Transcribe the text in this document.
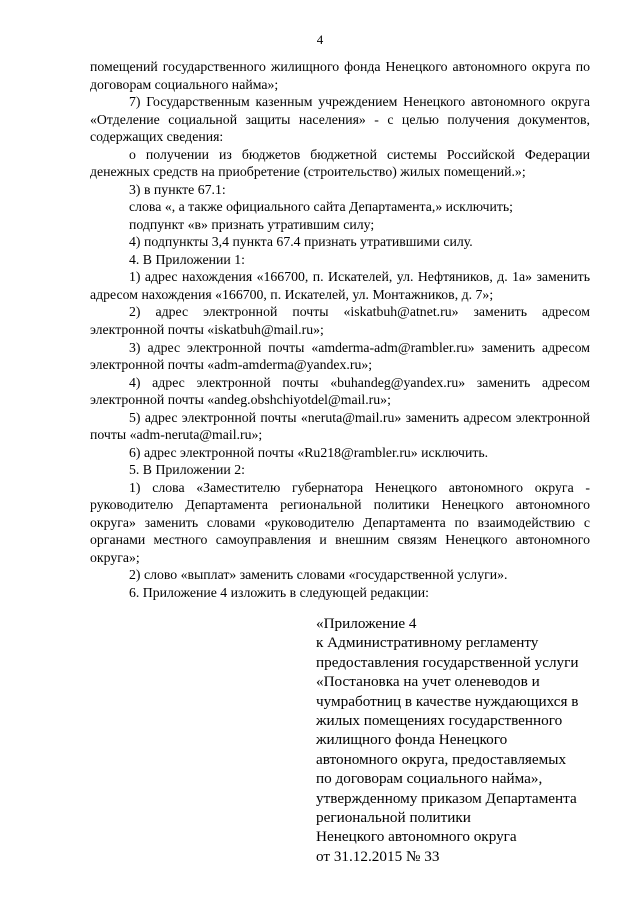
4

помещений государственного жилищного фонда Ненецкого автономного округа по договорам социального найма»;

7) Государственным казенным учреждением Ненецкого автономного округа «Отделение социальной защиты населения» - с целью получения документов, содержащих сведения:

о получении из бюджетов бюджетной системы Российской Федерации денежных средств на приобретение (строительство) жилых помещений.»;

3) в пункте 67.1:

слова «, а также официального сайта Департамента,» исключить;

подпункт «в» признать утратившим силу;

4) подпункты 3,4 пункта 67.4 признать утратившими силу.

4. В Приложении 1:

1) адрес нахождения «166700, п. Искателей, ул. Нефтяников, д. 1а» заменить адресом нахождения «166700, п. Искателей, ул. Монтажников, д. 7»;

2) адрес электронной почты «iskatbuh@atnet.ru» заменить адресом электронной почты «iskatbuh@mail.ru»;

3) адрес электронной почты «amderma-adm@rambler.ru» заменить адресом электронной почты «adm-amderma@yandex.ru»;

4) адрес электронной почты «buhandeg@yandex.ru» заменить адресом электронной почты «andeg.obshchiyotdel@mail.ru»;

5) адрес электронной почты «neruta@mail.ru» заменить адресом электронной почты «adm-neruta@mail.ru»;

6) адрес электронной почты «Ru218@rambler.ru» исключить.

5. В Приложении 2:

1) слова «Заместителю губернатора Ненецкого автономного округа - руководителю Департамента региональной политики Ненецкого автономного округа» заменить словами «руководителю Департамента по взаимодействию с органами местного самоуправления и внешним связям Ненецкого автономного округа»;

2) слово «выплат» заменить словами «государственной услуги».

6. Приложение 4 изложить в следующей редакции:

«Приложение 4
к Административному регламенту
предоставления государственной услуги
«Постановка на учет оленеводов и
чумработниц в качестве нуждающихся в
жилых помещениях государственного
жилищного фонда Ненецкого
автономного округа, предоставляемых
по договорам социального найма»,
утвержденному приказом Департамента
региональной политики
Ненецкого автономного округа
от 31.12.2015 № 33
